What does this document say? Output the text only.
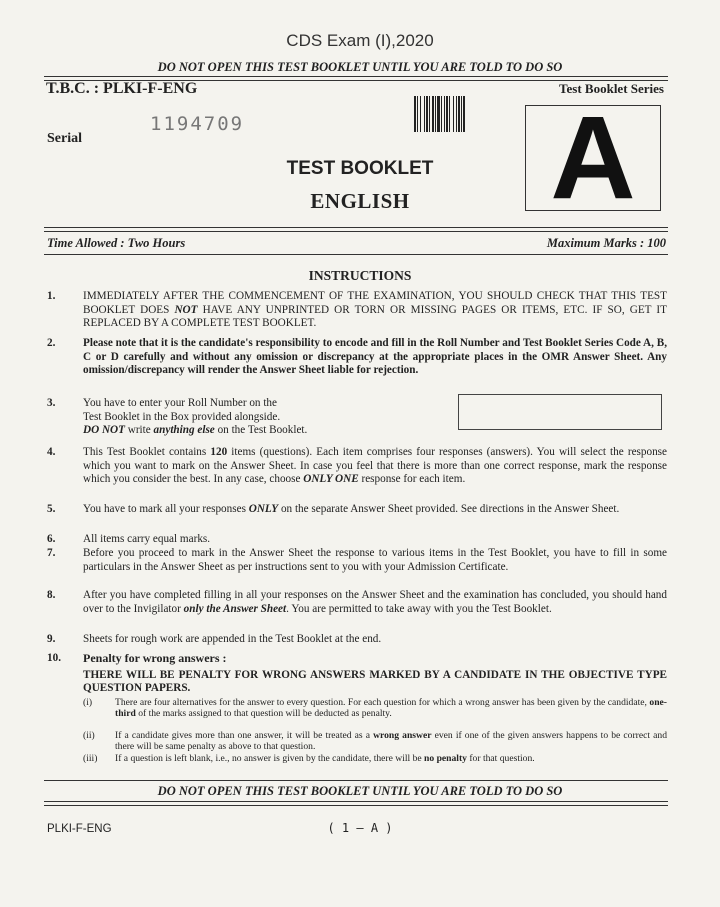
CDS Exam (I),2020
DO NOT OPEN THIS TEST BOOKLET UNTIL YOU ARE TOLD TO DO SO
T.B.C. : PLKI-F-ENG	Test Booklet Series
1194709
Serial	A
TEST BOOKLET
ENGLISH
Time Allowed : Two Hours	Maximum Marks : 100
INSTRUCTIONS
1. IMMEDIATELY AFTER THE COMMENCEMENT OF THE EXAMINATION, YOU SHOULD CHECK THAT THIS TEST BOOKLET DOES NOT HAVE ANY UNPRINTED OR TORN OR MISSING PAGES OR ITEMS, ETC. IF SO, GET IT REPLACED BY A COMPLETE TEST BOOKLET.
2. Please note that it is the candidate's responsibility to encode and fill in the Roll Number and Test Booklet Series Code A, B, C or D carefully and without any omission or discrepancy at the appropriate places in the OMR Answer Sheet. Any omission/discrepancy will render the Answer Sheet liable for rejection.
3. You have to enter your Roll Number on the
Test Booklet in the Box provided alongside.
DO NOT write anything else on the Test Booklet.
4. This Test Booklet contains 120 items (questions). Each item comprises four responses (answers). You will select the response which you want to mark on the Answer Sheet. In case you feel that there is more than one correct response, mark the response which you consider the best. In any case, choose ONLY ONE response for each item.
5. You have to mark all your responses ONLY on the separate Answer Sheet provided. See directions in the Answer Sheet.
6. All items carry equal marks.
7. Before you proceed to mark in the Answer Sheet the response to various items in the Test Booklet, you have to fill in some particulars in the Answer Sheet as per instructions sent to you with your Admission Certificate.
8. After you have completed filling in all your responses on the Answer Sheet and the examination has concluded, you should hand over to the Invigilator only the Answer Sheet. You are permitted to take away with you the Test Booklet.
9. Sheets for rough work are appended in the Test Booklet at the end.
10. Penalty for wrong answers :
THERE WILL BE PENALTY FOR WRONG ANSWERS MARKED BY A CANDIDATE IN THE OBJECTIVE TYPE QUESTION PAPERS.
(i) There are four alternatives for the answer to every question. For each question for which a wrong answer has been given by the candidate, one-third of the marks assigned to that question will be deducted as penalty.
(ii) If a candidate gives more than one answer, it will be treated as a wrong answer even if one of the given answers happens to be correct and there will be same penalty as above to that question.
(iii) If a question is left blank, i.e., no answer is given by the candidate, there will be no penalty for that question.
DO NOT OPEN THIS TEST BOOKLET UNTIL YOU ARE TOLD TO DO SO
PLKI-F-ENG	( 1 – A )
